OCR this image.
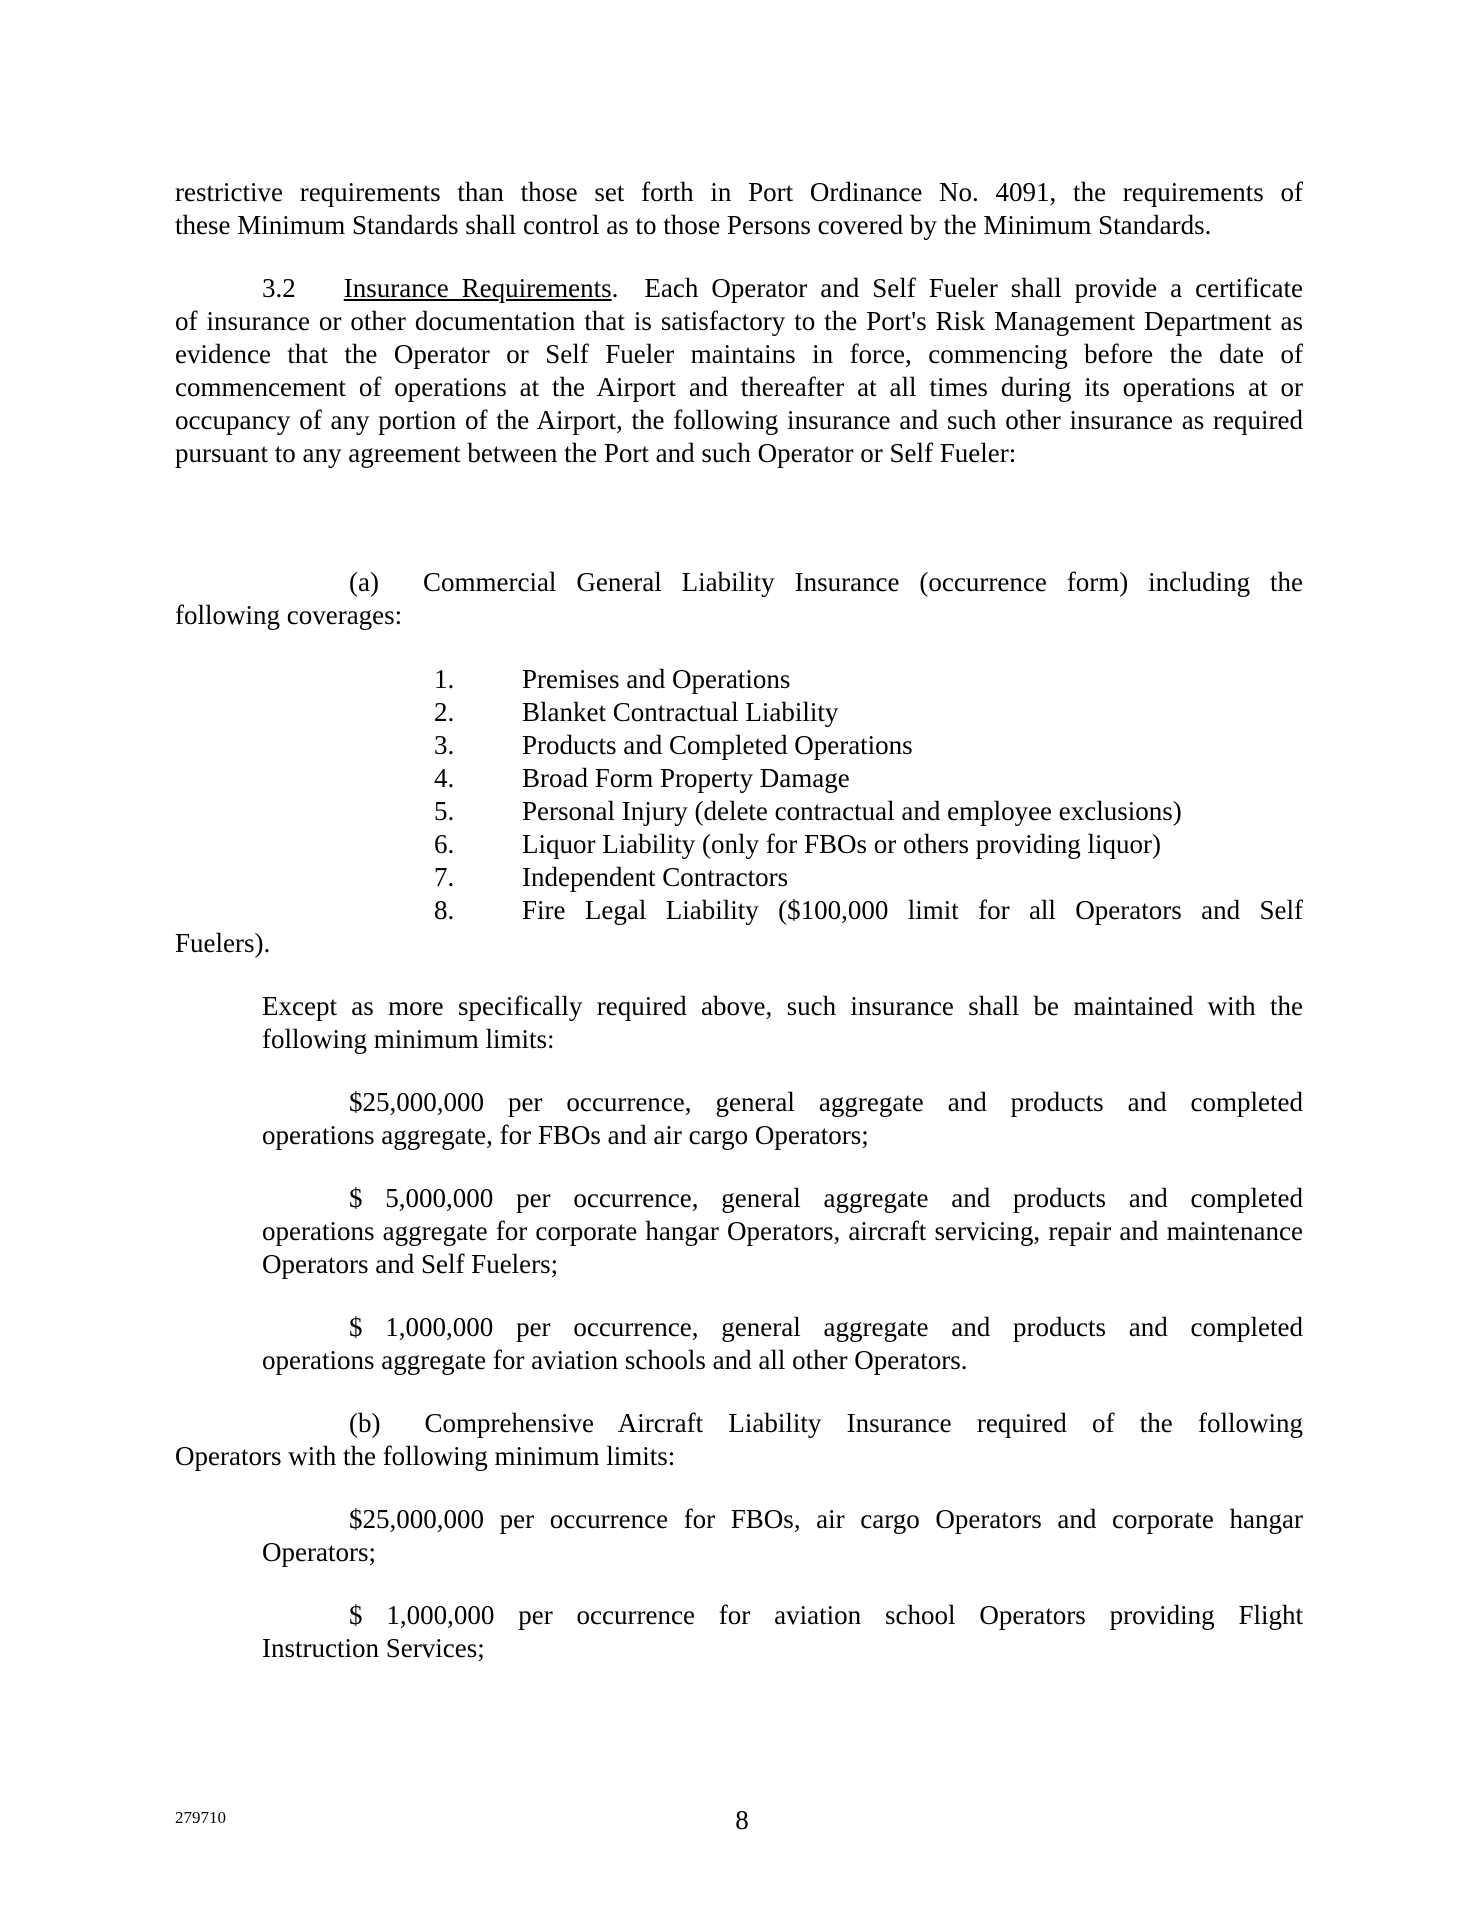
restrictive requirements than those set forth in Port Ordinance No. 4091, the requirements of
these Minimum Standards shall control as to those Persons covered by the Minimum Standards.
3.2 Insurance Requirements. Each Operator and Self Fueler shall provide a certificate
of insurance or other documentation that is satisfactory to the Port's Risk Management Department as evidence that the Operator or Self Fueler maintains in force, commencing before the date of commencement of operations at the Airport and thereafter at all times during its operations at or occupancy of any portion of the Airport, the following insurance and such other insurance as required pursuant to any agreement between the Port and such Operator or Self Fueler:
(a) Commercial General Liability Insurance (occurrence form) including the
following coverages:
1.	Premises and Operations
2.	Blanket Contractual Liability
3.	Products and Completed Operations
4.	Broad Form Property Damage
5.	Personal Injury (delete contractual and employee exclusions)
6.	Liquor Liability (only for FBOs or others providing liquor)
7.	Independent Contractors
8.	Fire Legal Liability ($100,000 limit for all Operators and Self
Fuelers).
Except as more specifically required above, such insurance shall be maintained with the following minimum limits:
$25,000,000 per occurrence, general aggregate and products and completed
operations aggregate, for FBOs and air cargo Operators;
$ 5,000,000 per occurrence, general aggregate and products and completed
operations aggregate for corporate hangar Operators, aircraft servicing, repair and maintenance Operators and Self Fuelers;
$ 1,000,000 per occurrence, general aggregate and products and completed
operations aggregate for aviation schools and all other Operators.
(b) Comprehensive Aircraft Liability Insurance required of the following
Operators with the following minimum limits:
$25,000,000 per occurrence for FBOs, air cargo Operators and corporate hangar
Operators;
$ 1,000,000 per occurrence for aviation school Operators providing Flight
Instruction Services;
279710	8
